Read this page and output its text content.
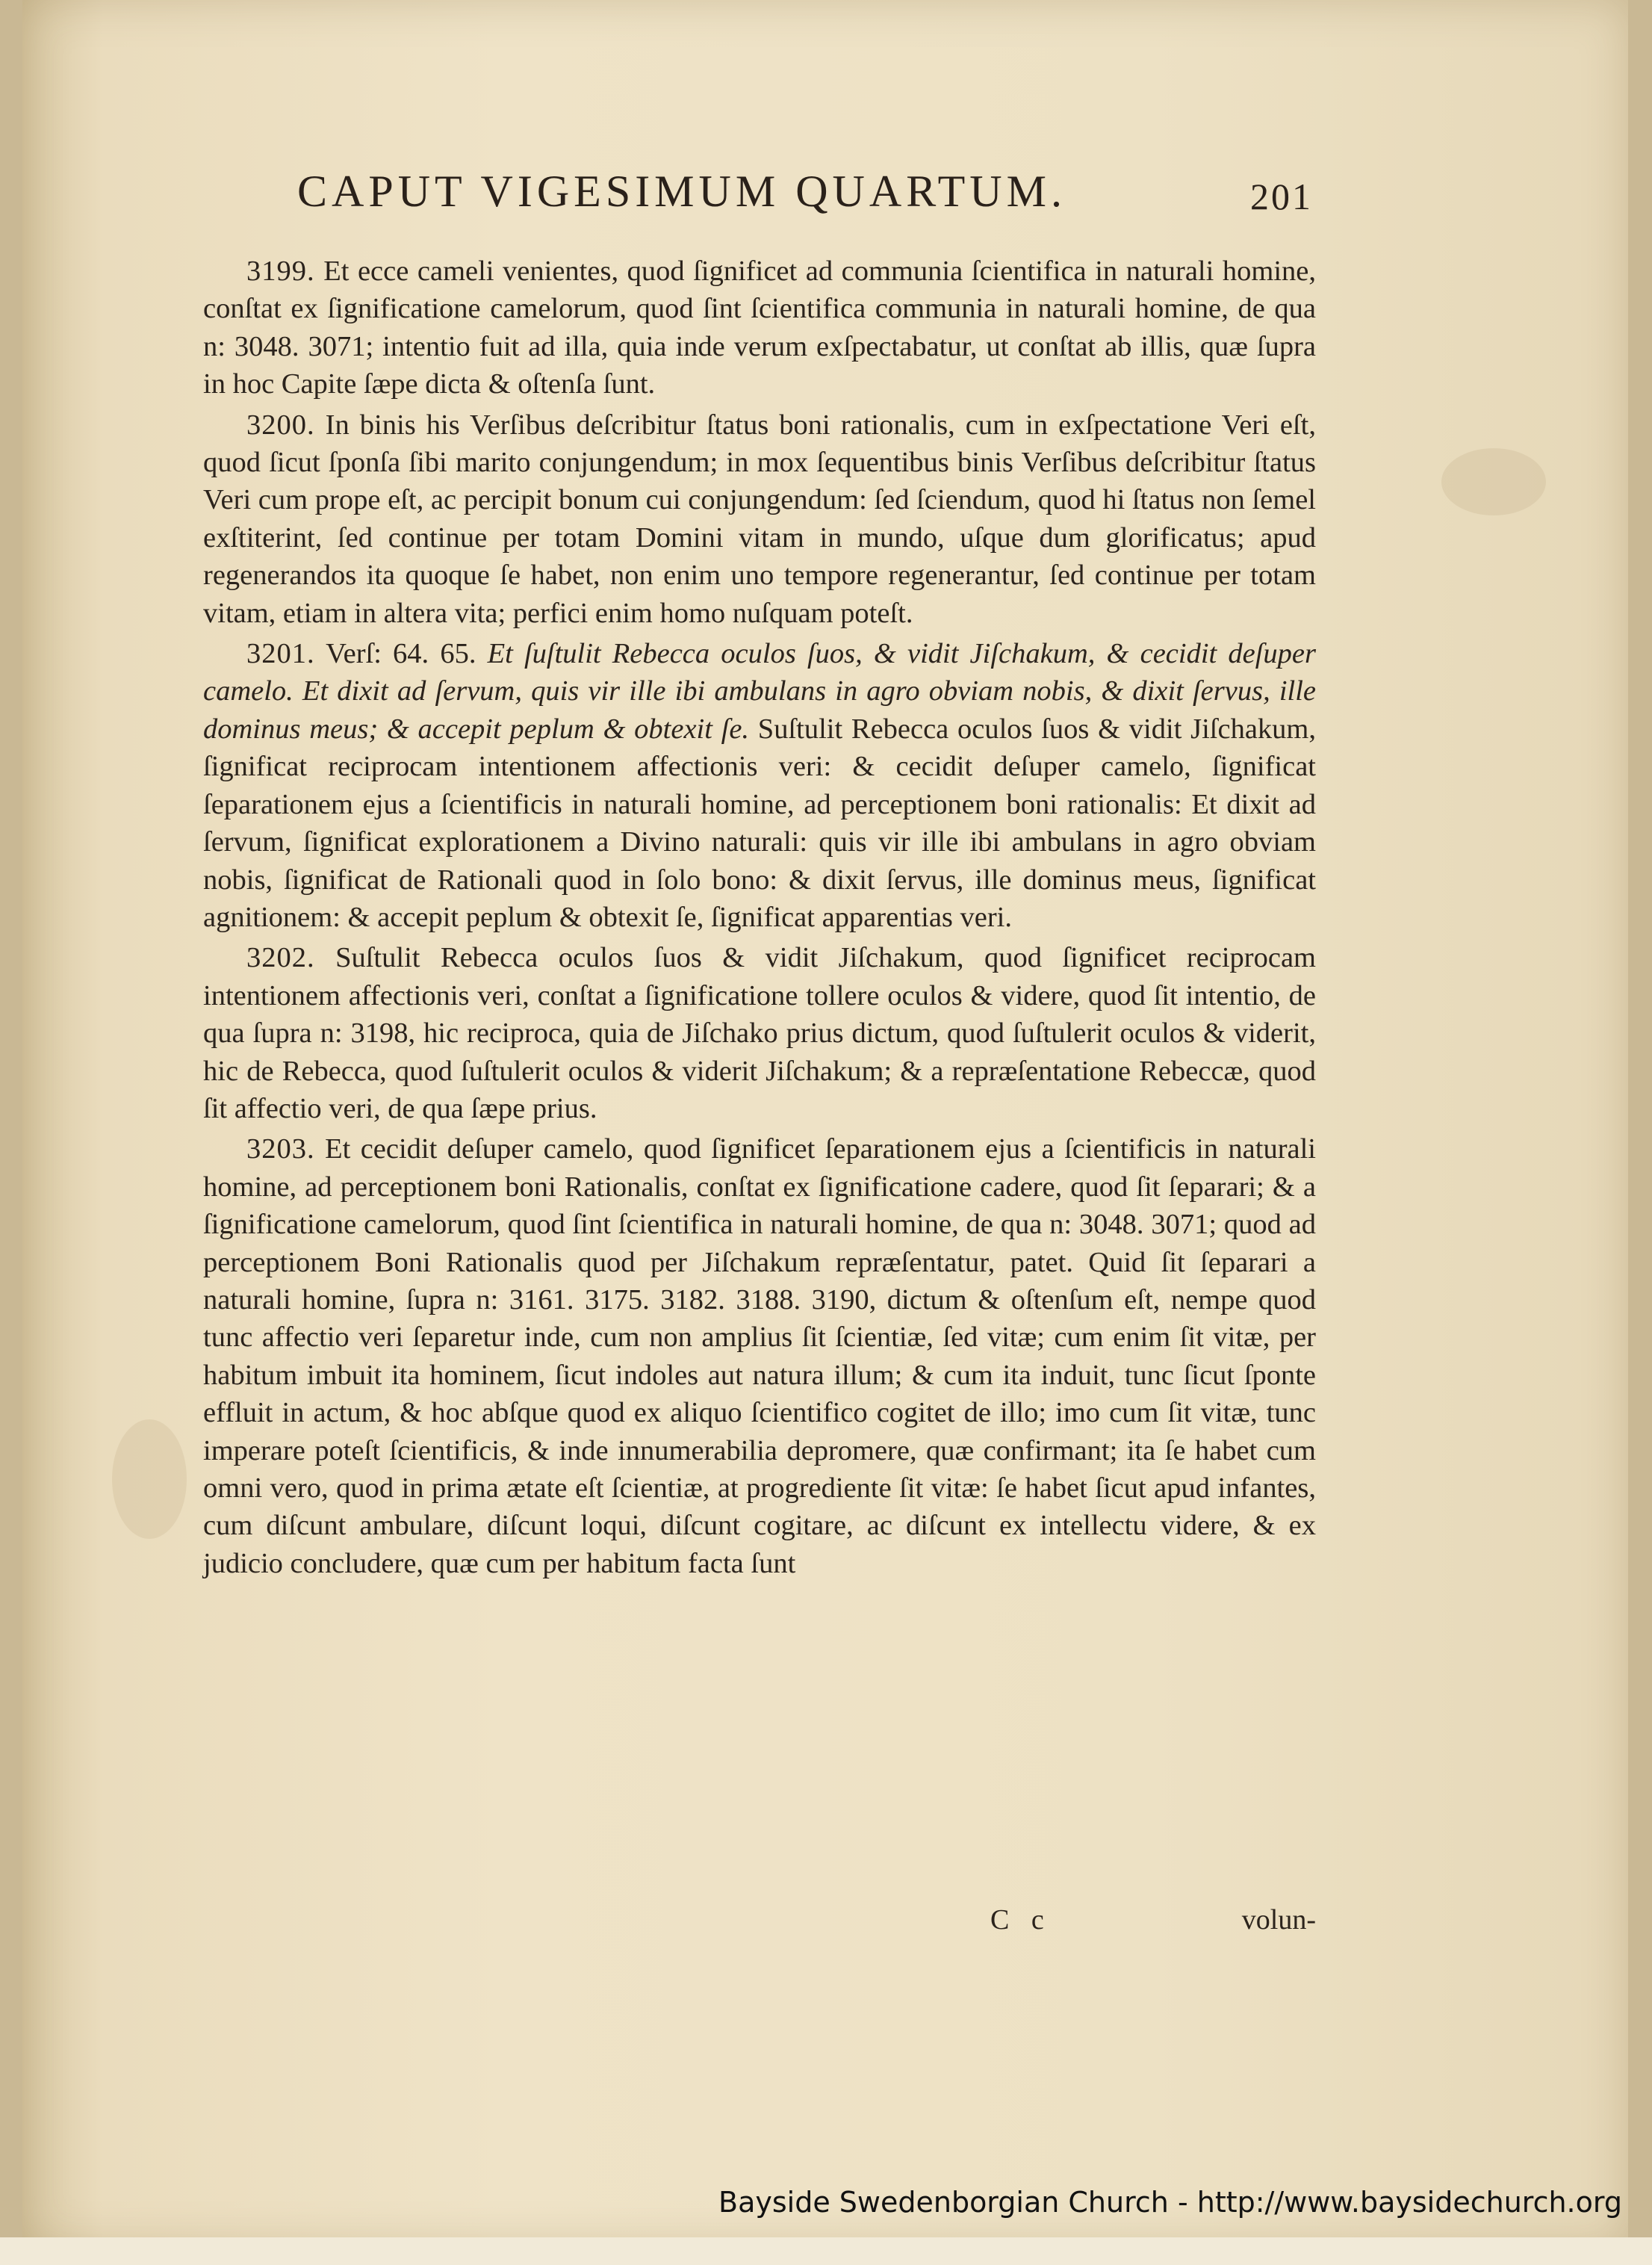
CAPUT VIGESIMUM QUARTUM.	201

3199. Et ecce cameli venientes, quod ſignificet ad communia ſcientifica in naturali homine, conſtat ex ſignificatione camelorum, quod ſint ſcientifica communia in naturali homine, de qua n: 3048. 3071; intentio fuit ad illa, quia inde verum exſpectabatur, ut conſtat ab illis, quæ ſupra in hoc Capite ſæpe dicta & oſtenſa ſunt.

3200. In binis his Verſibus deſcribitur ſtatus boni rationalis, cum in exſpectatione Veri eſt, quod ſicut ſponſa ſibi marito conjungendum; in mox ſequentibus binis Verſibus deſcribitur ſtatus Veri cum prope eſt, ac percipit bonum cui conjungendum: ſed ſciendum, quod hi ſtatus non ſemel exſtiterint, ſed continue per totam Domini vitam in mundo, uſque dum glorificatus; apud regenerandos ita quoque ſe habet, non enim uno tempore regenerantur, ſed continue per totam vitam, etiam in altera vita; perfici enim homo nuſquam poteſt.

3201. Verſ: 64. 65. Et ſuſtulit Rebecca oculos ſuos, & vidit Jiſchakum, & cecidit deſuper camelo. Et dixit ad ſervum, quis vir ille ibi ambulans in agro obviam nobis, & dixit ſervus, ille dominus meus; & accepit peplum & obtexit ſe. Suſtulit Rebecca oculos ſuos & vidit Jiſchakum, ſignificat reciprocam intentionem affectionis veri: & cecidit deſuper camelo, ſignificat ſeparationem ejus a ſcientificis in naturali homine, ad perceptionem boni rationalis: Et dixit ad ſervum, ſignificat explorationem a Divino naturali: quis vir ille ibi ambulans in agro obviam nobis, ſignificat de Rationali quod in ſolo bono: & dixit ſervus, ille dominus meus, ſignificat agnitionem: & accepit peplum & obtexit ſe, ſignificat apparentias veri.

3202. Suſtulit Rebecca oculos ſuos & vidit Jiſchakum, quod ſignificet reciprocam intentionem affectionis veri, conſtat a ſignificatione tollere oculos & videre, quod ſit intentio, de qua ſupra n: 3198, hic reciproca, quia de Jiſchako prius dictum, quod ſuſtulerit oculos & viderit, hic de Rebecca, quod ſuſtulerit oculos & viderit Jiſchakum; & a repræſentatione Rebeccæ, quod ſit affectio veri, de qua ſæpe prius.

3203. Et cecidit deſuper camelo, quod ſignificet ſeparationem ejus a ſcientificis in naturali homine, ad perceptionem boni Rationalis, conſtat ex ſignificatione cadere, quod ſit ſeparari; & a ſignificatione camelorum, quod ſint ſcientifica in naturali homine, de qua n: 3048. 3071; quod ad perceptionem Boni Rationalis quod per Jiſchakum repræſentatur, patet. Quid ſit ſeparari a naturali homine, ſupra n: 3161. 3175. 3182. 3188. 3190, dictum & oſtenſum eſt, nempe quod tunc affectio veri ſeparetur inde, cum non amplius ſit ſcientiæ, ſed vitæ; cum enim ſit vitæ, per habitum imbuit ita hominem, ſicut indoles aut natura illum; & cum ita induit, tunc ſicut ſponte effluit in actum, & hoc abſque quod ex aliquo ſcientifico cogitet de illo; imo cum ſit vitæ, tunc imperare poteſt ſcientificis, & inde innumerabilia depromere, quæ confirmant; ita ſe habet cum omni vero, quod in prima ætate eſt ſcientiæ, at progrediente ſit vitæ: ſe habet ſicut apud infantes, cum diſcunt ambulare, diſcunt loqui, diſcunt cogitare, ac diſcunt ex intellectu videre, & ex judicio concludere, quæ cum per habitum facta ſunt

C c	volun-
Bayside Swedenborgian Church - http://www.baysidechurch.org
